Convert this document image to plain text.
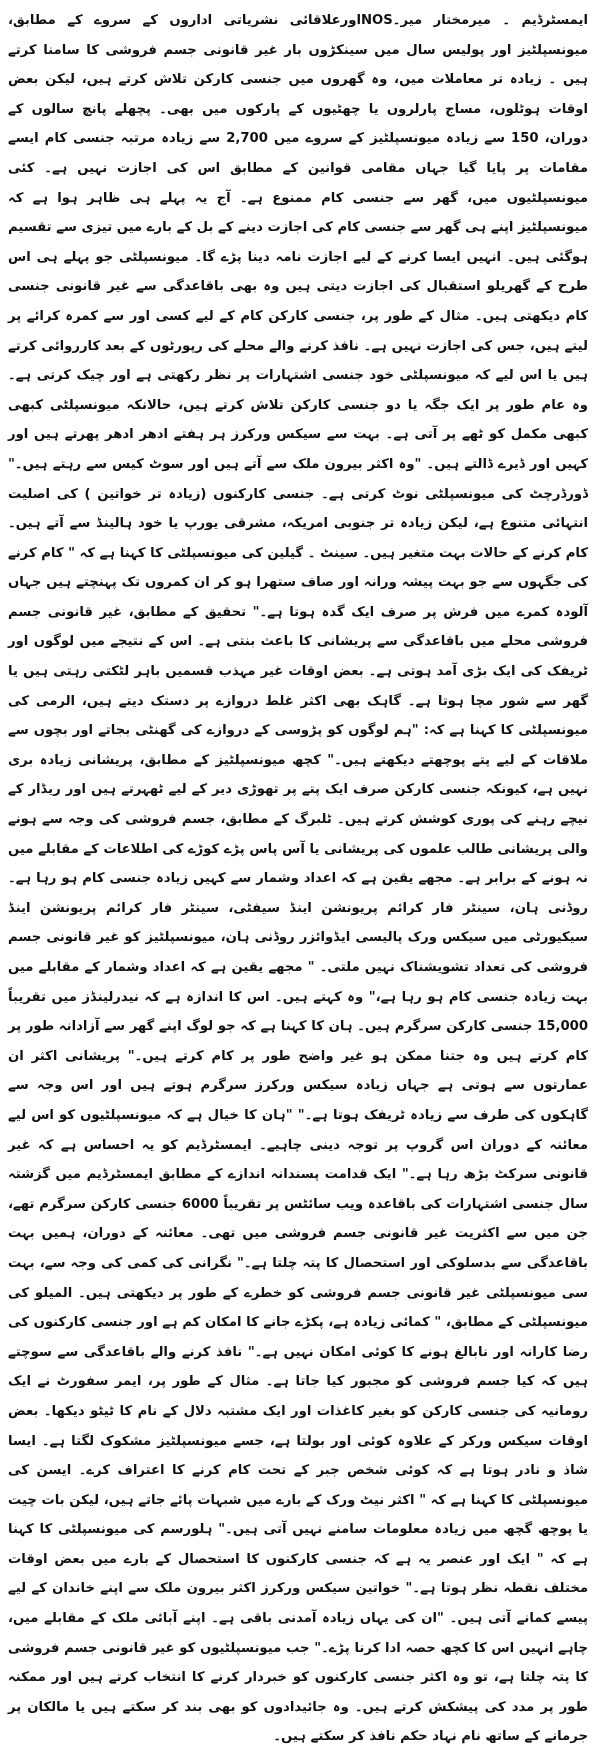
ایمسٹرڈیم ۔ میرمختار میر۔NOSاورعلاقائی نشریاتی اداروں کے سروے کے مطابق، میونسپلٹیز اور پولیس سال میں سینکڑوں بار غیر قانونی جسم فروشی کا سامنا کرتے ہیں ۔ زیادہ تر معاملات میں، وہ گھروں میں جنسی کارکن تلاش کرتے ہیں، لیکن بعض اوقات ہوٹلوں، مساج پارلروں یا چھٹیوں کے پارکوں میں بھی۔ پچھلے پانچ سالوں کے دوران، 150 سے زیادہ میونسپلٹیز کے سروے میں 2,700 سے زیادہ مرتبہ جنسی کام ایسے مقامات پر پایا گیا جہاں مقامی قوانین کے مطابق اس کی اجازت نہیں ہے۔ کئی میونسپلٹیوں میں، گھر سے جنسی کام ممنوع ہے۔ آج یہ پہلے ہی ظاہر ہوا ہے کہ میونسپلٹیز اپنے ہی گھر سے جنسی کام کی اجازت دینے کے بل کے بارے میں تیزی سے تقسیم ہوگئی ہیں۔ انہیں ایسا کرنے کے لیے اجازت نامہ دینا پڑے گا۔ میونسپلٹی جو پہلے ہی اس طرح کے گھریلو استقبال کی اجازت دیتی ہیں وہ بھی باقاعدگی سے غیر قانونی جنسی کام دیکھتی ہیں۔ مثال کے طور پر، جنسی کارکن کام کے لیے کسی اور سے کمرہ کرائے پر لیتے ہیں، جس کی اجازت نہیں ہے۔ نافذ کرنے والے محلے کی رپورٹوں کے بعد کارروائی کرتے ہیں یا اس لیے کہ میونسپلٹی خود جنسی اشتہارات پر نظر رکھتی ہے اور چیک کرتی ہے۔ وہ عام طور پر ایک جگہ یا دو جنسی کارکن تلاش کرتے ہیں، حالانکہ میونسپلٹی کبھی کبھی مکمل کو ٹھے پر آتی ہے۔ بہت سے سیکس ورکرز ہر ہفتے ادھر ادھر پھرتے ہیں اور کہیں اور ڈیرے ڈالتے ہیں۔ "وہ اکثر بیرون ملک سے آتے ہیں اور سوٹ کیس سے رہتے ہیں۔" ڈورڈرچٹ کی میونسپلٹی نوٹ کرتی ہے۔ جنسی کارکنوں (زیادہ تر خواتین ) کی اصلیت انتہائی متنوع ہے، لیکن زیادہ تر جنوبی امریکہ، مشرقی یورپ یا خود ہالینڈ سے آتے ہیں۔ کام کرنے کے حالات بہت متغیر ہیں۔ سینٹ ۔ گیلین کی میونسپلٹی کا کہنا ہے کہ " کام کرنے کی جگہوں سے جو بہت پیشہ ورانہ اور صاف ستھرا ہو کر ان کمروں تک پہنچتے ہیں جہاں آلودہ کمرے میں فرش پر صرف ایک گدہ ہوتا ہے۔" تحقیق کے مطابق، غیر قانونی جسم فروشی محلے میں باقاعدگی سے پریشانی کا باعث بنتی ہے۔ اس کے نتیجے میں لوگوں اور ٹریفک کی ایک بڑی آمد ہوتی ہے۔ بعض اوقات غیر مہذب قسمیں باہر لٹکتی رہتی ہیں یا گھر سے شور مچا ہوتا ہے۔ گاہک بھی اکثر غلط دروازے پر دستک دیتے ہیں، الرمی کی میونسپلٹی کا کہنا ہے کہ: "ہم لوگوں کو پڑوسی کے دروازے کی گھنٹی بجاتے اور بچوں سے ملاقات کے لیے پتے پوچھتے دیکھتے ہیں۔" کچھ میونسپلٹیز کے مطابق، پریشانی زیادہ بری نہیں ہے، کیونکہ جنسی کارکن صرف ایک پتے پر تھوڑی دیر کے لیے ٹھہرتے ہیں اور ریڈار کے نیچے رہنے کی پوری کوشش کرتے ہیں۔ ٹلبرگ کے مطابق، جسم فروشی کی وجہ سے ہونے والی پریشانی طالب علموں کی پریشانی یا آس پاس پڑے کوڑے کی اطلاعات کے مقابلے میں نہ ہونے کے برابر ہے۔ مجھے یقین ہے کہ اعداد وشمار سے کہیں زیادہ جنسی کام ہو رہا ہے۔ روڈنی ہان، سینٹر فار کرائم پریونشن اینڈ سیفٹی، سینٹر فار کرائم پریونشن اینڈ سیکیورٹی میں سیکس ورک پالیسی ایڈوائزر روڈنی ہان، میونسپلٹیز کو غیر قانونی جسم فروشی کی تعداد تشویشناک نہیں ملتی۔ " مجھے یقین ہے کہ اعداد وشمار کے مقابلے میں بہت زیادہ جنسی کام ہو رہا ہے،" وہ کہتے ہیں۔ اس کا اندازہ ہے کہ نیدرلینڈز میں تقریباً 15,000 جنسی کارکن سرگرم ہیں۔ ہان کا کہنا ہے کہ جو لوگ اپنے گھر سے آزادانہ طور پر کام کرتے ہیں وہ جتنا ممکن ہو غیر واضح طور پر کام کرتے ہیں۔" پریشانی اکثر ان عمارتوں سے ہوتی ہے جہاں زیادہ سیکس ورکرز سرگرم ہوتے ہیں اور اس وجہ سے گاہکوں کی طرف سے زیادہ ٹریفک ہوتا ہے۔" "ہان کا خیال ہے کہ میونسپلٹیوں کو اس لیے معائنہ کے دوران اس گروپ پر توجہ دینی چاہیے۔ ایمسٹرڈیم کو یہ احساس ہے کہ غیر قانونی سرکٹ بڑھ رہا ہے۔" ایک قدامت پسندانہ اندازے کے مطابق ایمسٹرڈیم میں گزشتہ سال جنسی اشتہارات کی باقاعدہ ویب سائٹس پر تقریباً 6000 جنسی کارکن سرگرم تھے، جن میں سے اکثریت غیر قانونی جسم فروشی میں تھی۔ معائنہ کے دوران، ہمیں بہت باقاعدگی سے بدسلوکی اور استحصال کا پتہ چلتا ہے۔" نگرانی کی کمی کی وجہ سے، بہت سی میونسپلٹی غیر قانونی جسم فروشی کو خطرے کے طور پر دیکھتی ہیں۔ المیلو کی میونسپلٹی کے مطابق، " کمائی زیادہ ہے، پکڑے جانے کا امکان کم ہے اور جنسی کارکنوں کی رضا کارانہ اور نابالغ ہونے کا کوئی امکان نہیں ہے۔" نافذ کرنے والے باقاعدگی سے سوچتے ہیں کہ کیا جسم فروشی کو مجبور کیا جاتا ہے۔ مثال کے طور پر، ایمر سفورٹ نے ایک رومانیہ کی جنسی کارکن کو بغیر کاغذات اور ایک مشتبہ دلال کے نام کا ٹیٹو دیکھا۔ بعض اوقات سیکس ورکر کے علاوہ کوئی اور بولتا ہے، جسے میونسپلٹیز مشکوک لگتا ہے۔ ایسا شاذ و نادر ہوتا ہے کہ کوئی شخص جبر کے تحت کام کرنے کا اعتراف کرے۔ ایسن کی میونسپلٹی کا کہنا ہے کہ " اکثر نیٹ ورک کے بارے میں شبہات پائے جاتے ہیں، لیکن بات چیت یا پوچھ گچھ میں زیادہ معلومات سامنے نہیں آتی ہیں۔" ہلورسم کی میونسپلٹی کا کہنا ہے کہ " ایک اور عنصر یہ ہے کہ جنسی کارکنوں کا استحصال کے بارے میں بعض اوقات مختلف نقطہ نظر ہوتا ہے۔" خواتین سیکس ورکرز اکثر بیرون ملک سے اپنے خاندان کے لیے پیسے کمانے آتی ہیں۔ "ان کی یہاں زیادہ آمدنی باقی ہے۔ اپنے آبائی ملک کے مقابلے میں، چاہے انہیں اس کا کچھ حصہ ادا کرنا پڑے۔" جب میونسپلٹیوں کو غیر قانونی جسم فروشی کا پتہ چلتا ہے، تو وہ اکثر جنسی کارکنوں کو خبردار کرنے کا انتخاب کرتے ہیں اور ممکنہ طور پر مدد کی پیشکش کرتے ہیں۔ وہ جائیدادوں کو بھی بند کر سکتے ہیں یا مالکان پر جرمانے کے ساتھ نام نہاد حکم نافذ کر سکتے ہیں۔
